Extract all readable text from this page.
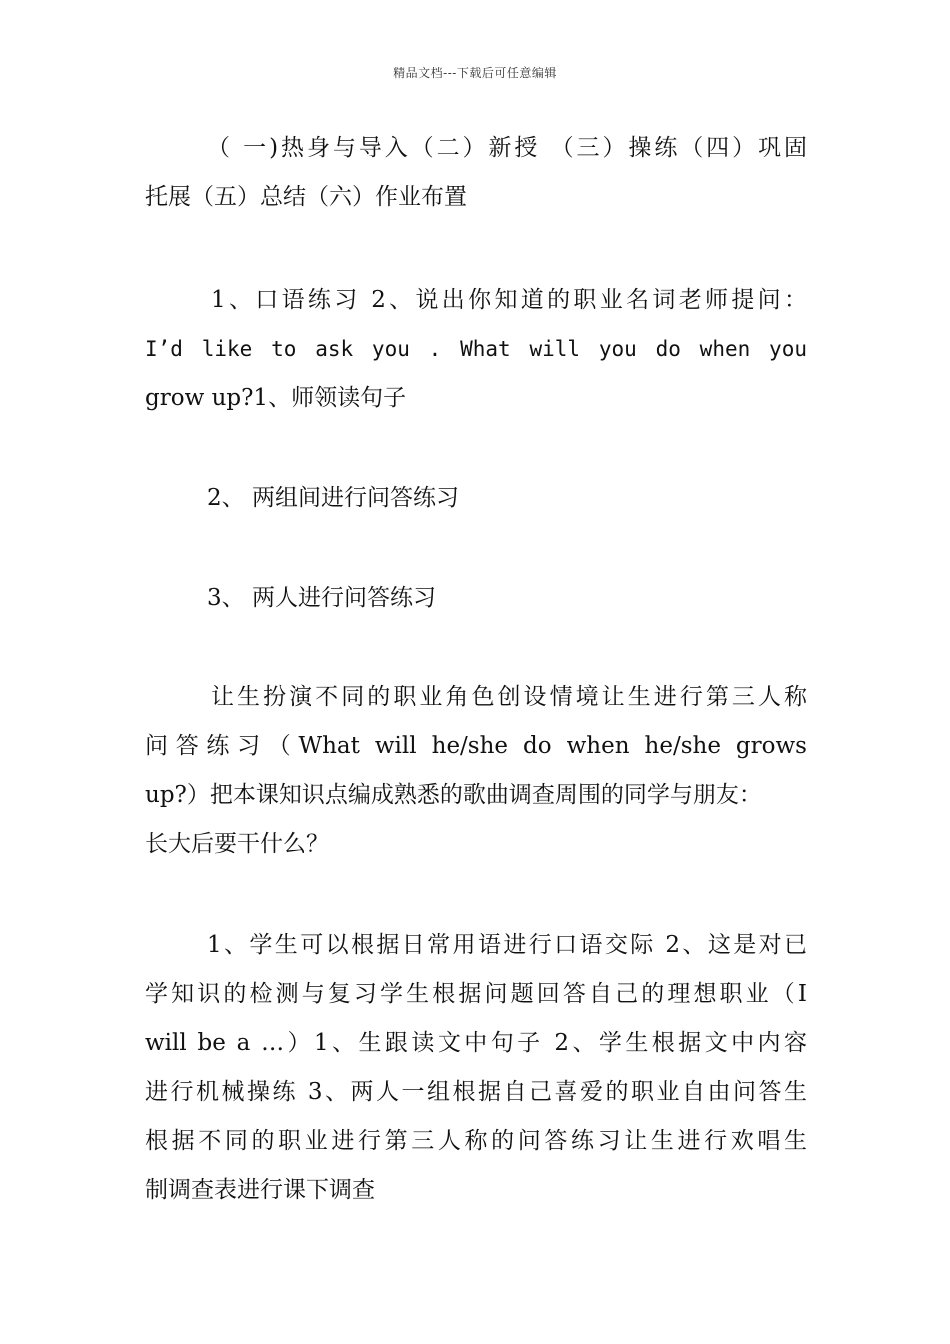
精品文档---下载后可任意编辑
（ 一)热身与导入（二）新授 （三）操练（四）巩固
托展（五）总结（六）作业布置
1、口语练习 2、说出你知道的职业名词老师提问：
I’d like to ask you . What will you do when you
grow up?1、师领读句子
2、 两组间进行问答练习
3、 两人进行问答练习
让生扮演不同的职业角色创设情境让生进行第三人称
问答练习（What will he/she do when he/she grows
up?）把本课知识点编成熟悉的歌曲调查周围的同学与朋友：
长大后要干什么？
1、学生可以根据日常用语进行口语交际 2、这是对已
学知识的检测与复习学生根据问题回答自己的理想职业（I
will be a …）1、生跟读文中句子 2、学生根据文中内容
进行机械操练 3、两人一组根据自己喜爱的职业自由问答生
根据不同的职业进行第三人称的问答练习让生进行欢唱生
制调查表进行课下调查
